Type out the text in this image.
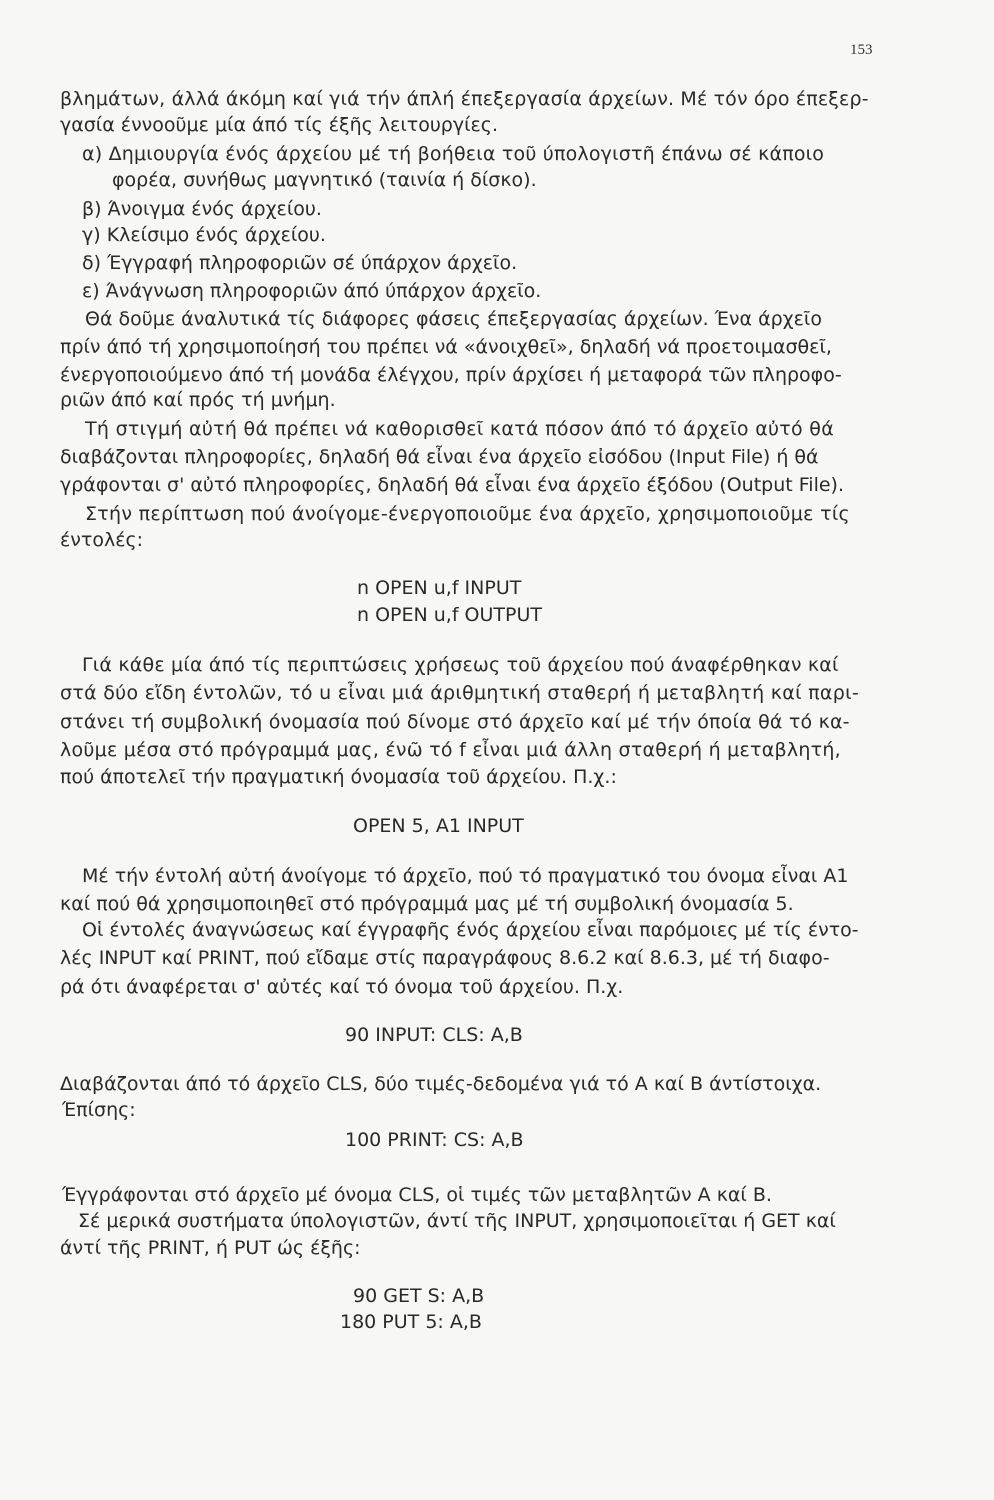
153
βλημάτων, άλλά άκόμη καί γιά τήν άπλή έπεξεργασία άρχείων. Μέ τόν όρο έπεξερ-
γασία έννοοῦμε μία άπό τίς έξῆς λειτουργίες.
α) Δημιουργία ένός άρχείου μέ τή βοήθεια τοῦ ύπολογιστῆ έπάνω σέ κάποιο
φορέα, συνήθως μαγνητικό (ταινία ή δίσκο).
β) Άνοιγμα ένός άρχείου.
γ) Κλείσιμο ένός άρχείου.
δ) Έγγραφή πληροφοριῶν σέ ύπάρχον άρχεῖο.
ε) Άνάγνωση πληροφοριῶν άπό ύπάρχον άρχεῖο.
Θά δοῦμε άναλυτικά τίς διάφορες φάσεις έπεξεργασίας άρχείων. Ένα άρχεῖο
πρίν άπό τή χρησιμοποίησή του πρέπει νά «άνοιχθεῖ», δηλαδή νά προετοιμασθεῖ,
ένεργοποιούμενο άπό τή μονάδα έλέγχου, πρίν άρχίσει ή μεταφορά τῶν πληροφο-
ριῶν άπό καί πρός τή μνήμη.
Τή στιγμή αὐτή θά πρέπει νά καθορισθεῖ κατά πόσον άπό τό άρχεῖο αὐτό θά
διαβάζονται πληροφορίες, δηλαδή θά εἶναι ένα άρχεῖο εἰσόδου (Input File) ή θά
γράφονται σ' αὐτό πληροφορίες, δηλαδή θά εἶναι ένα άρχεῖο έξόδου (Output File).
Στήν περίπτωση πού άνοίγομε-ένεργοποιοῦμε ένα άρχεῖο, χρησιμοποιοῦμε τίς
έντολές:
n OPEN u,f INPUT
n OPEN u,f OUTPUT
Γιά κάθε μία άπό τίς περιπτώσεις χρήσεως τοῦ άρχείου πού άναφέρθηκαν καί
στά δύο εἴδη έντολῶν, τό u εἶναι μιά άριθμητική σταθερή ή μεταβλητή καί παρι-
στάνει τή συμβολική όνομασία πού δίνομε στό άρχεῖο καί μέ τήν όποία θά τό κα-
λοῦμε μέσα στό πρόγραμμά μας, ένῶ τό f εἶναι μιά άλλη σταθερή ή μεταβλητή,
πού άποτελεῖ τήν πραγματική όνομασία τοῦ άρχείου. Π.χ.:
OPEN 5, A1 INPUT
Μέ τήν έντολή αὐτή άνοίγομε τό άρχεῖο, πού τό πραγματικό του όνομα εἶναι A1
καί πού θά χρησιμοποιηθεῖ στό πρόγραμμά μας μέ τή συμβολική όνομασία 5.
Οἱ έντολές άναγνώσεως καί έγγραφῆς ένός άρχείου εἶναι παρόμοιες μέ τίς έντο-
λές INPUT καί PRINT, πού εἴδαμε στίς παραγράφους 8.6.2 καί 8.6.3, μέ τή διαφο-
ρά ότι άναφέρεται σ' αὐτές καί τό όνομα τοῦ άρχείου. Π.χ.
90 INPUT: CLS: A,B
Διαβάζονται άπό τό άρχεῖο CLS, δύο τιμές-δεδομένα γιά τό A καί B άντίστοιχα.
Έπίσης:
100 PRINT: CS: A,B
Έγγράφονται στό άρχεῖο μέ όνομα CLS, οἱ τιμές τῶν μεταβλητῶν A καί B.
Σέ μερικά συστήματα ύπολογιστῶν, άντί τῆς INPUT, χρησιμοποιεῖται ή GET καί
άντί τῆς PRINT, ή PUT ώς έξῆς:
90 GET S: A,B
180 PUT 5: A,B
